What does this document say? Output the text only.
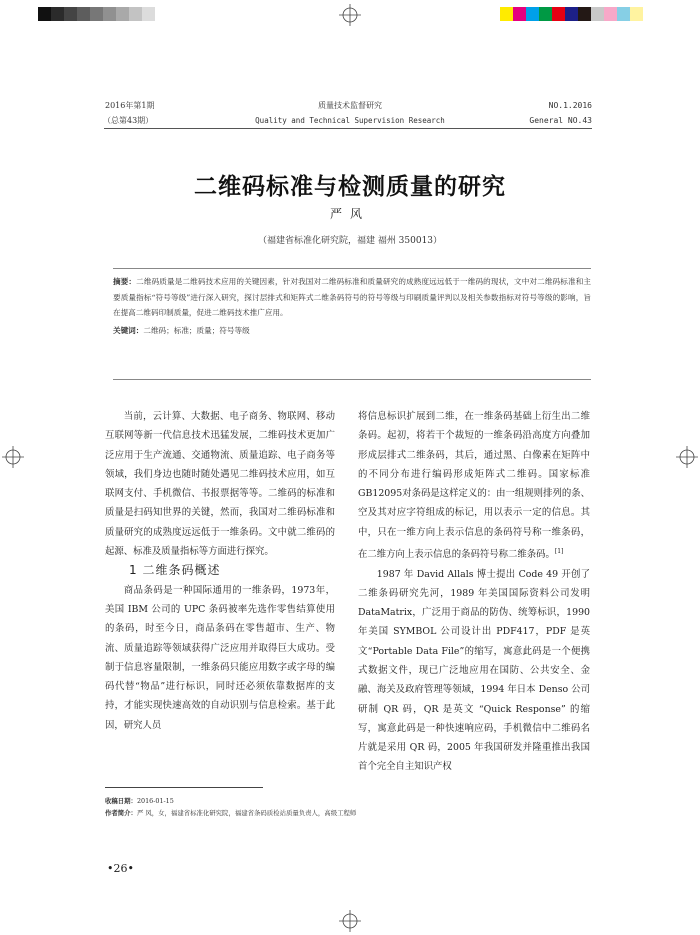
2016年第1期
（总第43期）
质量技术监督研究
Quality and Technical Supervision Research
NO.1.2016
General NO.43
二维码标准与检测质量的研究
严风
（福建省标准化研究院，福建 福州 350013）

摘要：二维码质量是二维码技术应用的关键因素，针对我国对二维码标准和质量研究的成熟度远远低于一维码的现状，文中对二维码标准和主要质量指标“符号等级”进行深入研究，探讨层排式和矩阵式二维条码符号的符号等级与印刷质量评判以及相关参数指标对符号等级的影响，旨在提高二维码印制质量，促进二维码技术推广应用。

关键词：二维码；标准；质量；符号等级

当前，云计算、大数据、电子商务、物联网、移动互联网等新一代信息技术迅猛发展，二维码技术更加广泛应用于生产流通、交通物流、质量追踪、电子商务等领域，我们身边也随时随处遇见二维码技术应用，如互联网支付、手机微信、书报票据等等。二维码的标准和质量是扫码知世界的关键，然而，我国对二维码标准和质量研究的成熟度远远低于一维条码。文中就二维码的起源、标准及质量指标等方面进行探究。

1 二维条码概述

商品条码是一种国际通用的一维条码，1973年，美国 IBM 公司的 UPC 条码被率先选作零售结算使用的条码，时至今日，商品条码在零售超市、生产、物流、质量追踪等领域获得广泛应用并取得巨大成功。受制于信息容量限制，一维条码只能应用数字或字母的编码代替“物品”进行标识，同时还必须依靠数据库的支持，才能实现快速高效的自动识别与信息检索。基于此因，研究人员

将信息标识扩展到二维，在一维条码基础上衍生出二维条码。起初，将若干个裁短的一维条码沿高度方向叠加形成层排式二维条码，其后，通过黑、白像素在矩阵中的不同分布进行编码形成矩阵式二维码。国家标准GB12095对条码是这样定义的：由一组规则排列的条、空及其对应字符组成的标记，用以表示一定的信息。其中，只在一维方向上表示信息的条码符号称一维条码，在二维方向上表示信息的条码符号称二维条码。[1]

1987 年 David Allals 博士提出 Code 49 开创了二维条码研究先河，1989 年美国国际资料公司发明DataMatrix，广泛用于商品的防伪、统筹标识，1990 年美国 SYMBOL 公司设计出 PDF417，PDF 是英文“Portable Data File”的缩写，寓意此码是一个便携式数据文件，现已广泛地应用在国防、公共安全、金融、海关及政府管理等领域，1994 年日本 Denso 公司研制 QR 码，QR 是英文 “Quick Response” 的缩写，寓意此码是一种快速响应码，手机微信中二维码名片就是采用 QR 码，2005 年我国研发并隆重推出我国首个完全自主知识产权

收稿日期：2016-01-15
作者简介：严 风，女，福建省标准化研究院，福建省条码质检站质量负责人，高级工程师
•26•
